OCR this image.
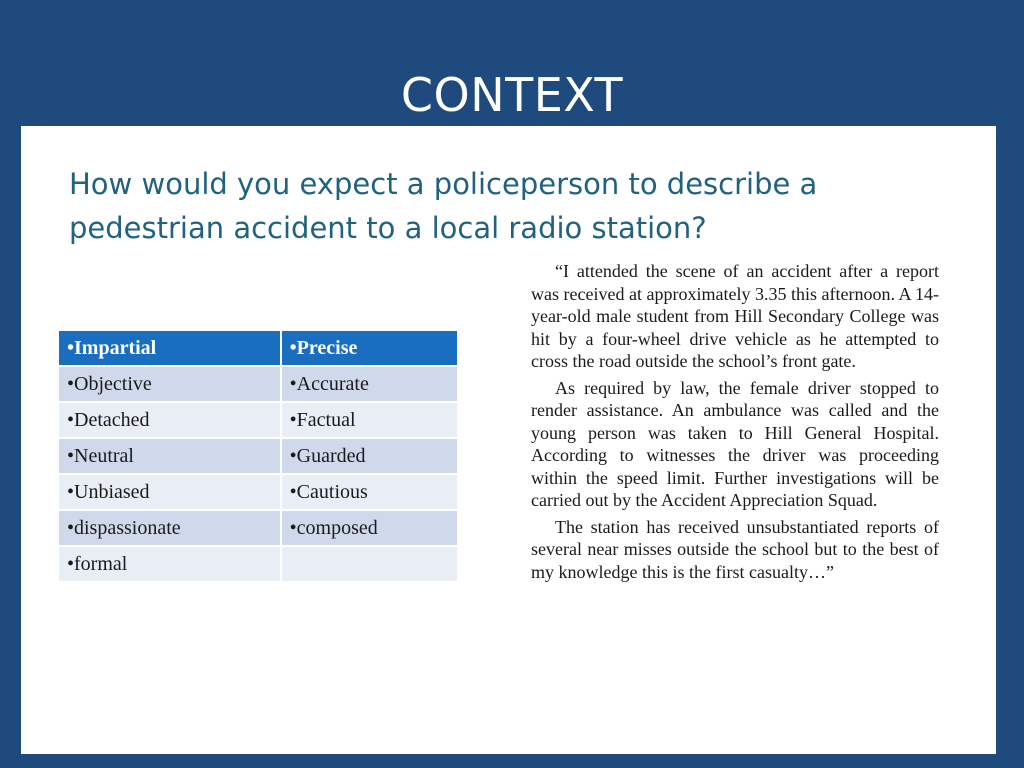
CONTEXT
How would you expect a policeperson to describe a pedestrian accident to a local radio station?
•Impartial	•Precise
•Objective	•Accurate
•Detached	•Factual
•Neutral	•Guarded
•Unbiased	•Cautious
•dispassionate	•composed
•formal	

“I attended the scene of an accident after a report was received at approximately 3.35 this afternoon. A 14-year-old male student from Hill Secondary College was hit by a four-wheel drive vehicle as he attempted to cross the road outside the school’s front gate.

As required by law, the female driver stopped to render assistance. An ambulance was called and the young person was taken to Hill General Hospital. According to witnesses the driver was proceeding within the speed limit. Further investigations will be carried out by the Accident Appreciation Squad.

The station has received unsubstantiated reports of several near misses outside the school but to the best of my knowledge this is the first casualty…”
